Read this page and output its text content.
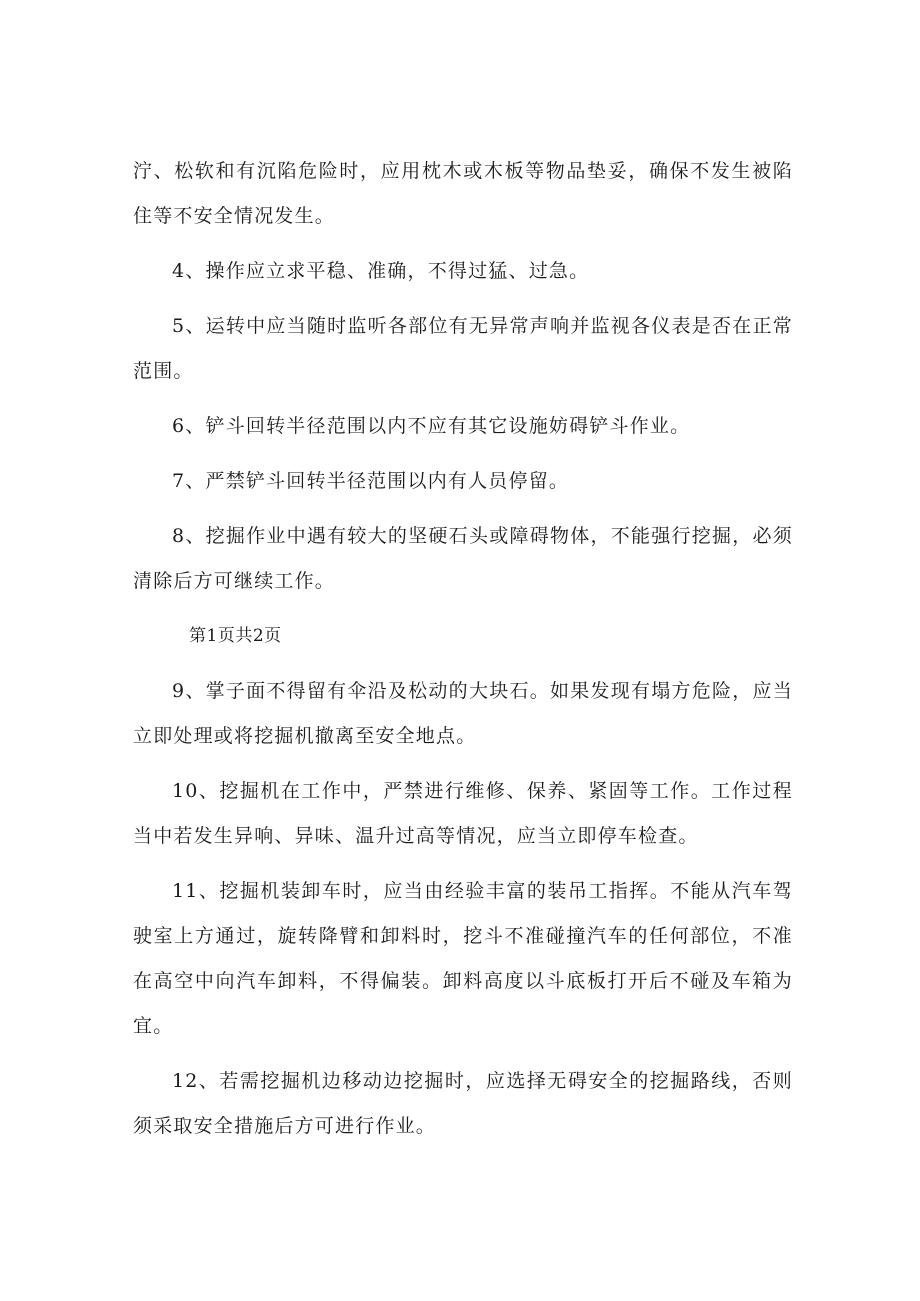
泞、松软和有沉陷危险时，应用枕木或木板等物品垫妥，确保不发生被陷住等不安全情况发生。

4、操作应立求平稳、准确，不得过猛、过急。

5、运转中应当随时监听各部位有无异常声响并监视各仪表是否在正常范围。

6、铲斗回转半径范围以内不应有其它设施妨碍铲斗作业。

7、严禁铲斗回转半径范围以内有人员停留。

8、挖掘作业中遇有较大的坚硬石头或障碍物体，不能强行挖掘，必须清除后方可继续工作。

第1页共2页

9、掌子面不得留有伞沿及松动的大块石。如果发现有塌方危险，应当立即处理或将挖掘机撤离至安全地点。

10、挖掘机在工作中，严禁进行维修、保养、紧固等工作。工作过程当中若发生异响、异味、温升过高等情况，应当立即停车检查。

11、挖掘机装卸车时，应当由经验丰富的装吊工指挥。不能从汽车驾驶室上方通过，旋转降臂和卸料时，挖斗不准碰撞汽车的任何部位，不准在高空中向汽车卸料，不得偏装。卸料高度以斗底板打开后不碰及车箱为宜。

12、若需挖掘机边移动边挖掘时，应选择无碍安全的挖掘路线，否则须采取安全措施后方可进行作业。
